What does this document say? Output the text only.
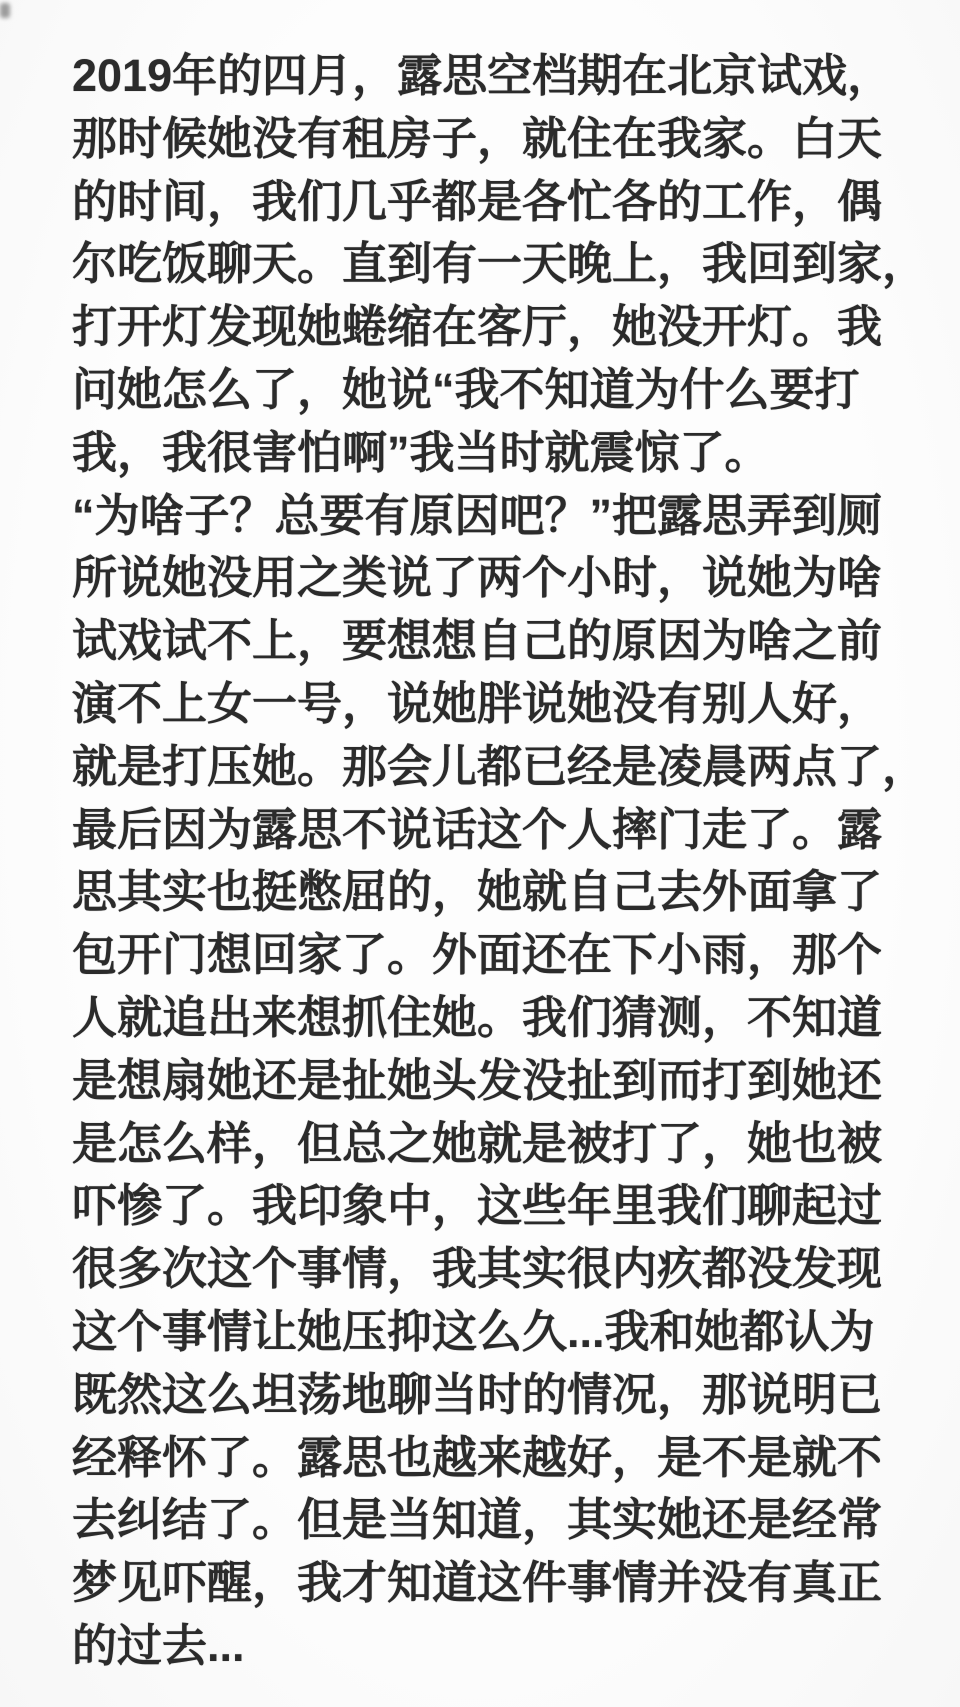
2019年的四月，露思空档期在北京试戏，
那时候她没有租房子，就住在我家。白天
的时间，我们几乎都是各忙各的工作，偶
尔吃饭聊天。直到有一天晚上，我回到家，
打开灯发现她蜷缩在客厅，她没开灯。我
问她怎么了，她说“我不知道为什么要打
我，我很害怕啊”我当时就震惊了。
“为啥子？总要有原因吧？”把露思弄到厕
所说她没用之类说了两个小时，说她为啥
试戏试不上，要想想自己的原因为啥之前
演不上女一号，说她胖说她没有别人好，
就是打压她。那会儿都已经是凌晨两点了，
最后因为露思不说话这个人摔门走了。露
思其实也挺憋屈的，她就自己去外面拿了
包开门想回家了。外面还在下小雨，那个
人就追出来想抓住她。我们猜测，不知道
是想扇她还是扯她头发没扯到而打到她还
是怎么样，但总之她就是被打了，她也被
吓惨了。我印象中，这些年里我们聊起过
很多次这个事情，我其实很内疚都没发现
这个事情让她压抑这么久...我和她都认为
既然这么坦荡地聊当时的情况，那说明已
经释怀了。露思也越来越好，是不是就不
去纠结了。但是当知道，其实她还是经常
梦见吓醒，我才知道这件事情并没有真正
的过去...
